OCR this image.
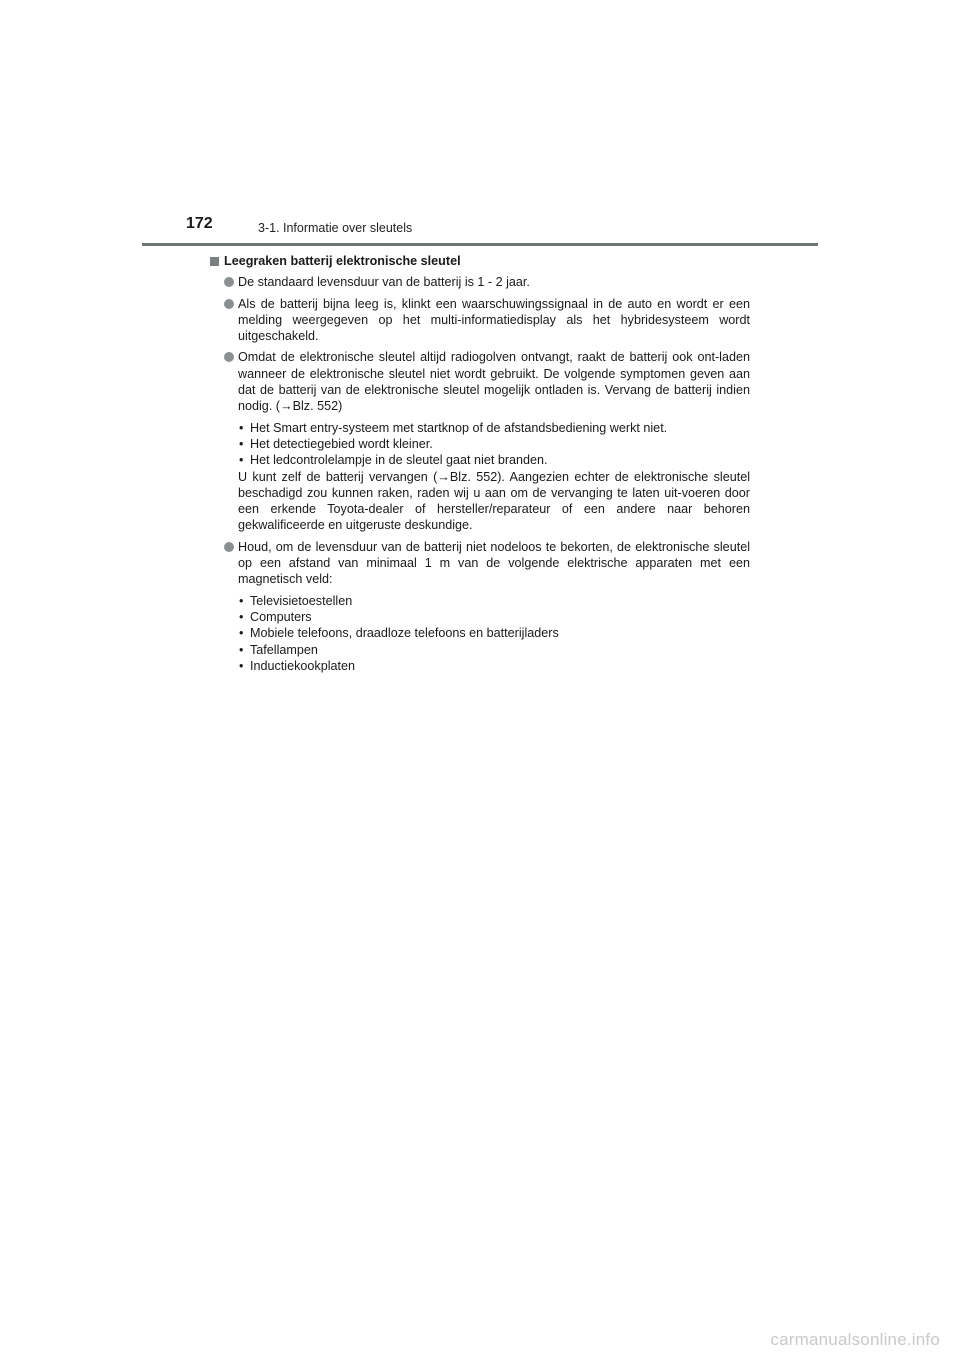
172	3-1. Informatie over sleutels
Leegraken batterij elektronische sleutel
De standaard levensduur van de batterij is 1 - 2 jaar.
Als de batterij bijna leeg is, klinkt een waarschuwingssignaal in de auto en wordt er een melding weergegeven op het multi-informatiedisplay als het hybridesysteem wordt uitgeschakeld.
Omdat de elektronische sleutel altijd radiogolven ontvangt, raakt de batterij ook ont-laden wanneer de elektronische sleutel niet wordt gebruikt. De volgende symptomen geven aan dat de batterij van de elektronische sleutel mogelijk ontladen is. Vervang de batterij indien nodig. (→Blz. 552)
• Het Smart entry-systeem met startknop of de afstandsbediening werkt niet.
• Het detectiegebied wordt kleiner.
• Het ledcontrolelampje in de sleutel gaat niet branden.
U kunt zelf de batterij vervangen (→Blz. 552). Aangezien echter de elektronische sleutel beschadigd zou kunnen raken, raden wij u aan om de vervanging te laten uit-voeren door een erkende Toyota-dealer of hersteller/reparateur of een andere naar behoren gekwalificeerde en uitgeruste deskundige.
Houd, om de levensduur van de batterij niet nodeloos te bekorten, de elektronische sleutel op een afstand van minimaal 1 m van de volgende elektrische apparaten met een magnetisch veld:
• Televisietoestellen
• Computers
• Mobiele telefoons, draadloze telefoons en batterijladers
• Tafellampen
• Inductiekookplaten
carmanualsonline.info
